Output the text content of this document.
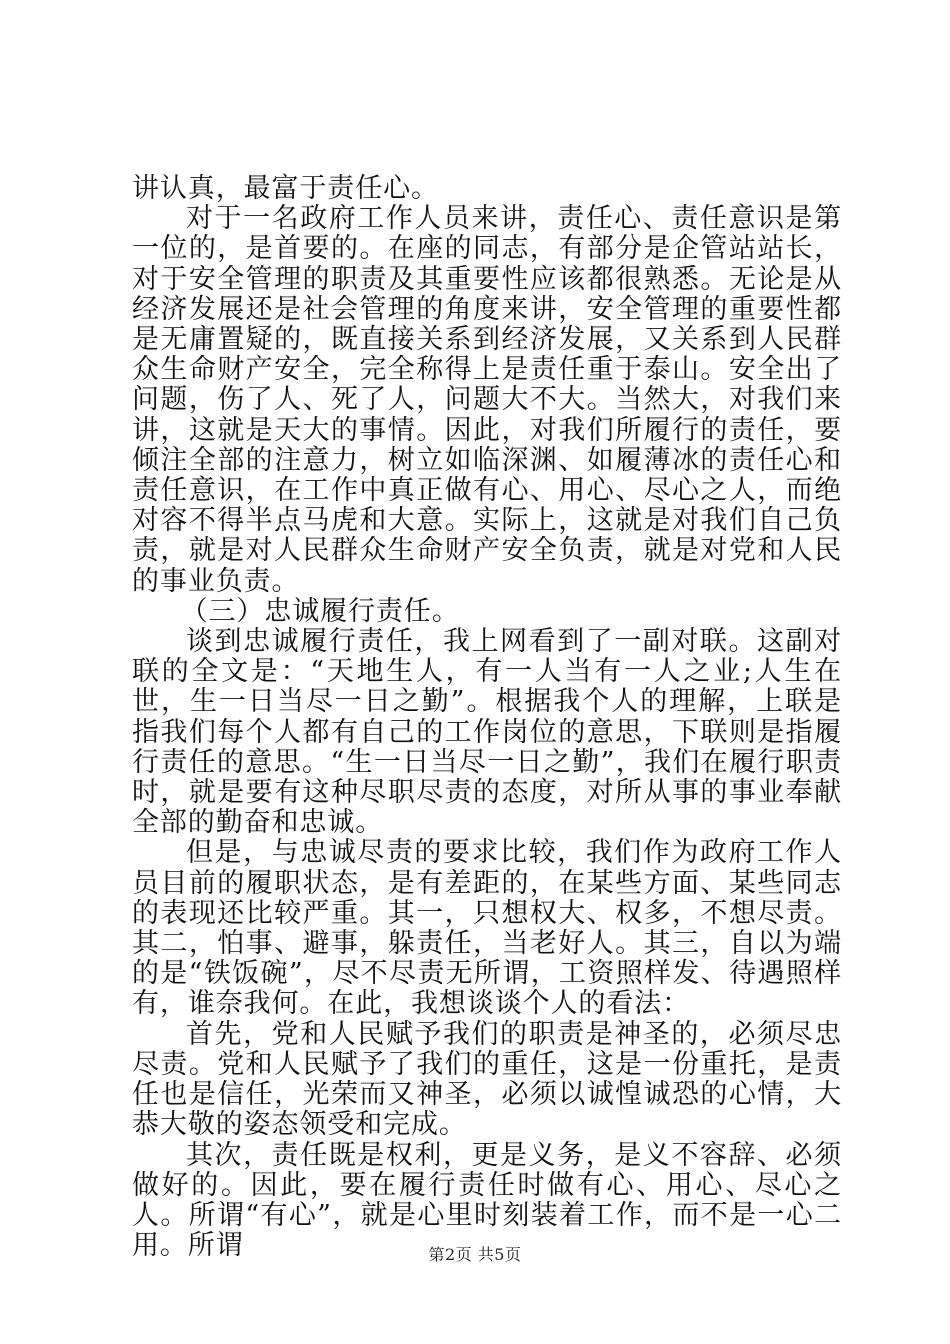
讲认真，最富于责任心。

对于一名政府工作人员来讲，责任心、责任意识是第一位的，是首要的。在座的同志，有部分是企管站站长，对于安全管理的职责及其重要性应该都很熟悉。无论是从经济发展还是社会管理的角度来讲，安全管理的重要性都是无庸置疑的，既直接关系到经济发展，又关系到人民群众生命财产安全，完全称得上是责任重于泰山。安全出了问题，伤了人、死了人，问题大不大。当然大，对我们来讲，这就是天大的事情。因此，对我们所履行的责任，要倾注全部的注意力，树立如临深渊、如履薄冰的责任心和责任意识，在工作中真正做有心、用心、尽心之人，而绝对容不得半点马虎和大意。实际上，这就是对我们自己负责，就是对人民群众生命财产安全负责，就是对党和人民的事业负责。

（三）忠诚履行责任。

谈到忠诚履行责任，我上网看到了一副对联。这副对联的全文是：“天地生人，有一人当有一人之业;人生在世，生一日当尽一日之勤”。根据我个人的理解，上联是指我们每个人都有自己的工作岗位的意思，下联则是指履行责任的意思。“生一日当尽一日之勤”，我们在履行职责时，就是要有这种尽职尽责的态度，对所从事的事业奉献全部的勤奋和忠诚。

但是，与忠诚尽责的要求比较，我们作为政府工作人员目前的履职状态，是有差距的，在某些方面、某些同志的表现还比较严重。其一，只想权大、权多，不想尽责。其二，怕事、避事，躲责任，当老好人。其三，自以为端的是“铁饭碗”，尽不尽责无所谓，工资照样发、待遇照样有，谁奈我何。在此，我想谈谈个人的看法：

首先，党和人民赋予我们的职责是神圣的，必须尽忠尽责。党和人民赋予了我们的重任，这是一份重托，是责任也是信任，光荣而又神圣，必须以诚惶诚恐的心情，大恭大敬的姿态领受和完成。

其次，责任既是权利，更是义务，是义不容辞、必须做好的。因此，要在履行责任时做有心、用心、尽心之人。所谓“有心”，就是心里时刻装着工作，而不是一心二用。所谓	第2页 共5页
